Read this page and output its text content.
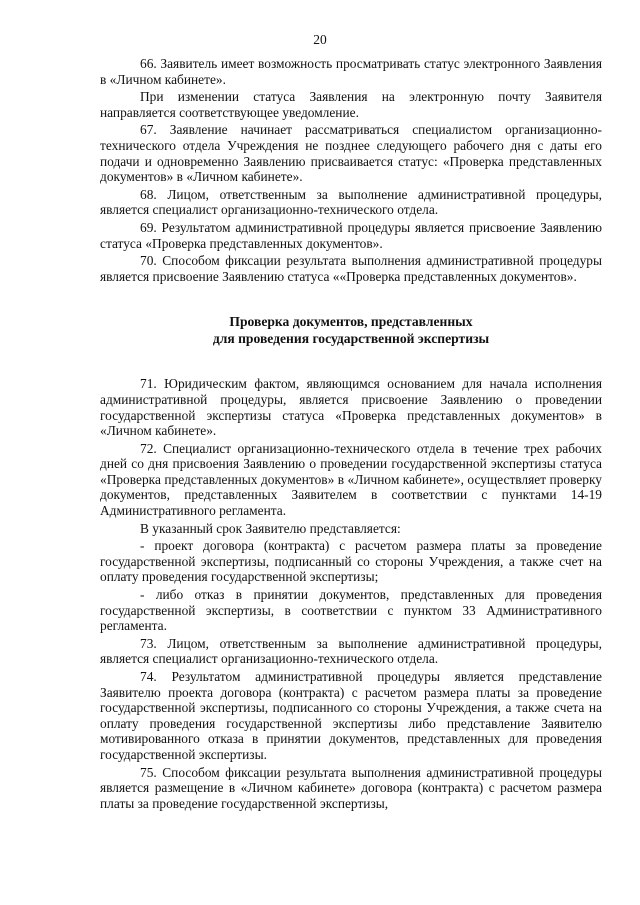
20

66. Заявитель имеет возможность просматривать статус электронного Заявления в «Личном кабинете».

При изменении статуса Заявления на электронную почту Заявителя направляется соответствующее уведомление.

67. Заявление начинает рассматриваться специалистом организационно-технического отдела Учреждения не позднее следующего рабочего дня с даты его подачи и одновременно Заявлению присваивается статус: «Проверка представленных документов» в «Личном кабинете».

68. Лицом, ответственным за выполнение административной процедуры, является специалист организационно-технического отдела.

69. Результатом административной процедуры является присвоение Заявлению статуса «Проверка представленных документов».

70. Способом фиксации результата выполнения административной процедуры является присвоение Заявлению статуса ««Проверка представленных документов».

Проверка документов, представленных
для проведения государственной экспертизы

71. Юридическим фактом, являющимся основанием для начала исполнения административной процедуры, является присвоение Заявлению о проведении государственной экспертизы статуса «Проверка представленных документов» в «Личном кабинете».

72. Специалист организационно-технического отдела в течение трех рабочих дней со дня присвоения Заявлению о проведении государственной экспертизы статуса «Проверка представленных документов» в «Личном кабинете», осуществляет проверку документов, представленных Заявителем в соответствии с пунктами 14-19 Административного регламента.

В указанный срок Заявителю представляется:

- проект договора (контракта) с расчетом размера платы за проведение государственной экспертизы, подписанный со стороны Учреждения, а также счет на оплату проведения государственной экспертизы;

- либо отказ в принятии документов, представленных для проведения государственной экспертизы, в соответствии с пунктом 33 Административного регламента.

73. Лицом, ответственным за выполнение административной процедуры, является специалист организационно-технического отдела.

74. Результатом административной процедуры является представление Заявителю проекта договора (контракта) с расчетом размера платы за проведение государственной экспертизы, подписанного со стороны Учреждения, а также счета на оплату проведения государственной экспертизы либо представление Заявителю мотивированного отказа в принятии документов, представленных для проведения государственной экспертизы.

75. Способом фиксации результата выполнения административной процедуры является размещение в «Личном кабинете» договора (контракта) с расчетом размера платы за проведение государственной экспертизы,
